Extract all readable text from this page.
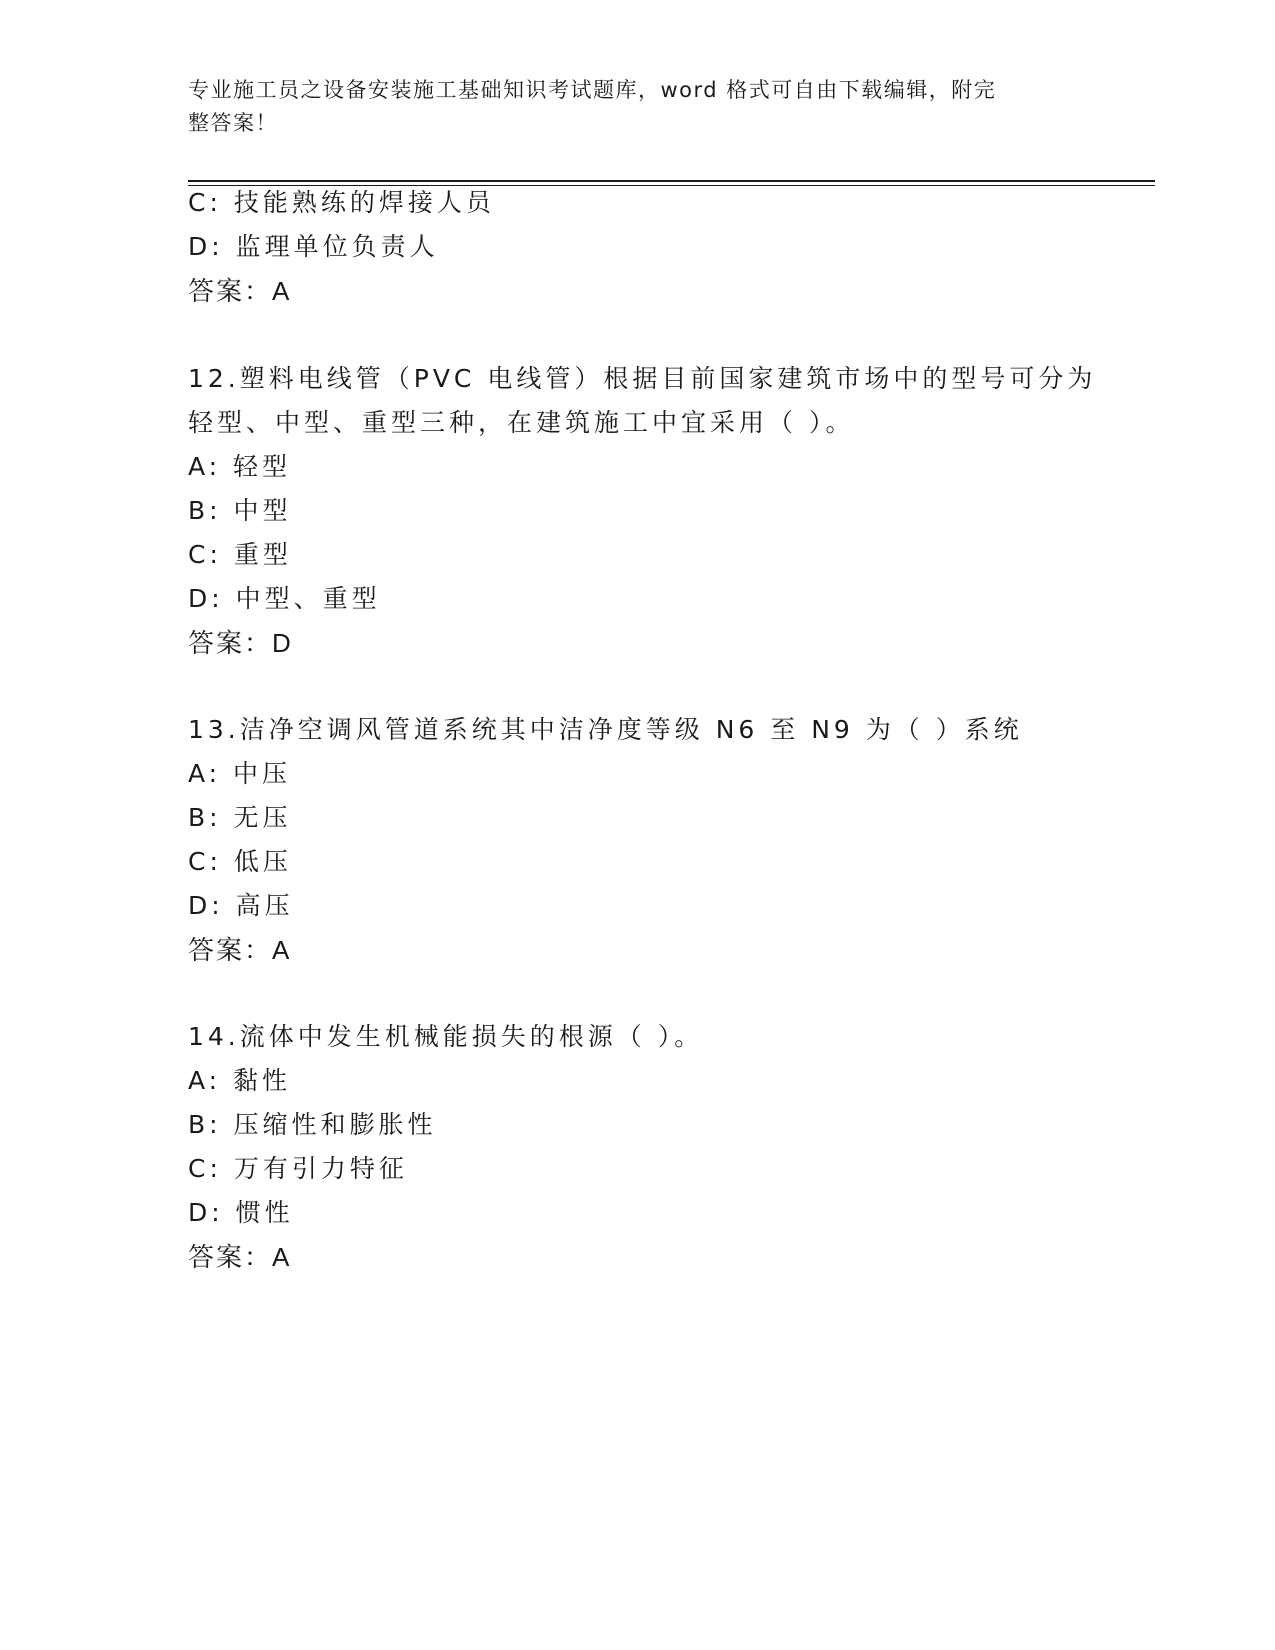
专业施工员之设备安装施工基础知识考试题库，word 格式可自由下载编辑，附完
整答案！
C: 技能熟练的焊接人员
D: 监理单位负责人
答案：A
12.塑料电线管（PVC 电线管）根据目前国家建筑市场中的型号可分为
轻型、中型、重型三种，在建筑施工中宜采用（ ）。
A: 轻型
B: 中型
C: 重型
D: 中型、重型
答案：D
13.洁净空调风管道系统其中洁净度等级 N6 至 N9 为（ ）系统
A: 中压
B: 无压
C: 低压
D: 高压
答案：A
14.流体中发生机械能损失的根源（ ）。
A: 黏性
B: 压缩性和膨胀性
C: 万有引力特征
D: 惯性
答案：A
